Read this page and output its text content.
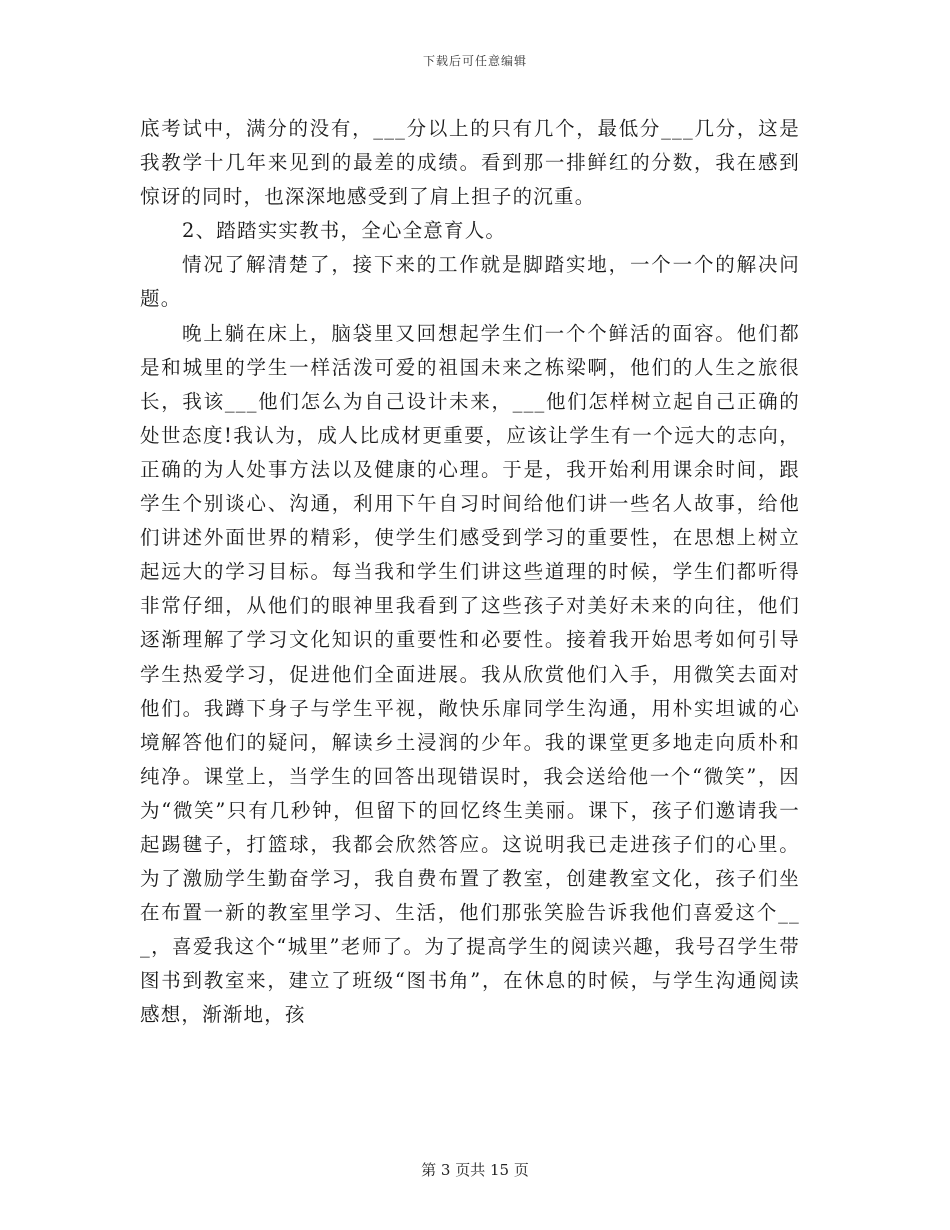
下载后可任意编辑

底考试中，满分的没有，___分以上的只有几个，最低分___几分，这是我教学十几年来见到的最差的成绩。看到那一排鲜红的分数，我在感到惊讶的同时，也深深地感受到了肩上担子的沉重。

2、踏踏实实教书，全心全意育人。

情况了解清楚了，接下来的工作就是脚踏实地，一个一个的解决问题。

晚上躺在床上，脑袋里又回想起学生们一个个鲜活的面容。他们都是和城里的学生一样活泼可爱的祖国未来之栋梁啊，他们的人生之旅很长，我该___他们怎么为自己设计未来，___他们怎样树立起自己正确的处世态度!我认为，成人比成材更重要，应该让学生有一个远大的志向，正确的为人处事方法以及健康的心理。于是，我开始利用课余时间，跟学生个别谈心、沟通，利用下午自习时间给他们讲一些名人故事，给他们讲述外面世界的精彩，使学生们感受到学习的重要性，在思想上树立起远大的学习目标。每当我和学生们讲这些道理的时候，学生们都听得非常仔细，从他们的眼神里我看到了这些孩子对美好未来的向往，他们逐渐理解了学习文化知识的重要性和必要性。接着我开始思考如何引导学生热爱学习，促进他们全面进展。我从欣赏他们入手，用微笑去面对他们。我蹲下身子与学生平视，敞快乐扉同学生沟通，用朴实坦诚的心境解答他们的疑问，解读乡土浸润的少年。我的课堂更多地走向质朴和纯净。课堂上，当学生的回答出现错误时，我会送给他一个“微笑”，因为“微笑”只有几秒钟，但留下的回忆终生美丽。课下，孩子们邀请我一起踢毽子，打篮球，我都会欣然答应。这说明我已走进孩子们的心里。为了激励学生勤奋学习，我自费布置了教室，创建教室文化，孩子们坐在布置一新的教室里学习、生活，他们那张笑脸告诉我他们喜爱这个___，喜爱我这个“城里”老师了。为了提高学生的阅读兴趣，我号召学生带图书到教室来，建立了班级“图书角”，在休息的时候，与学生沟通阅读感想，渐渐地，孩

第 3 页共 15 页
